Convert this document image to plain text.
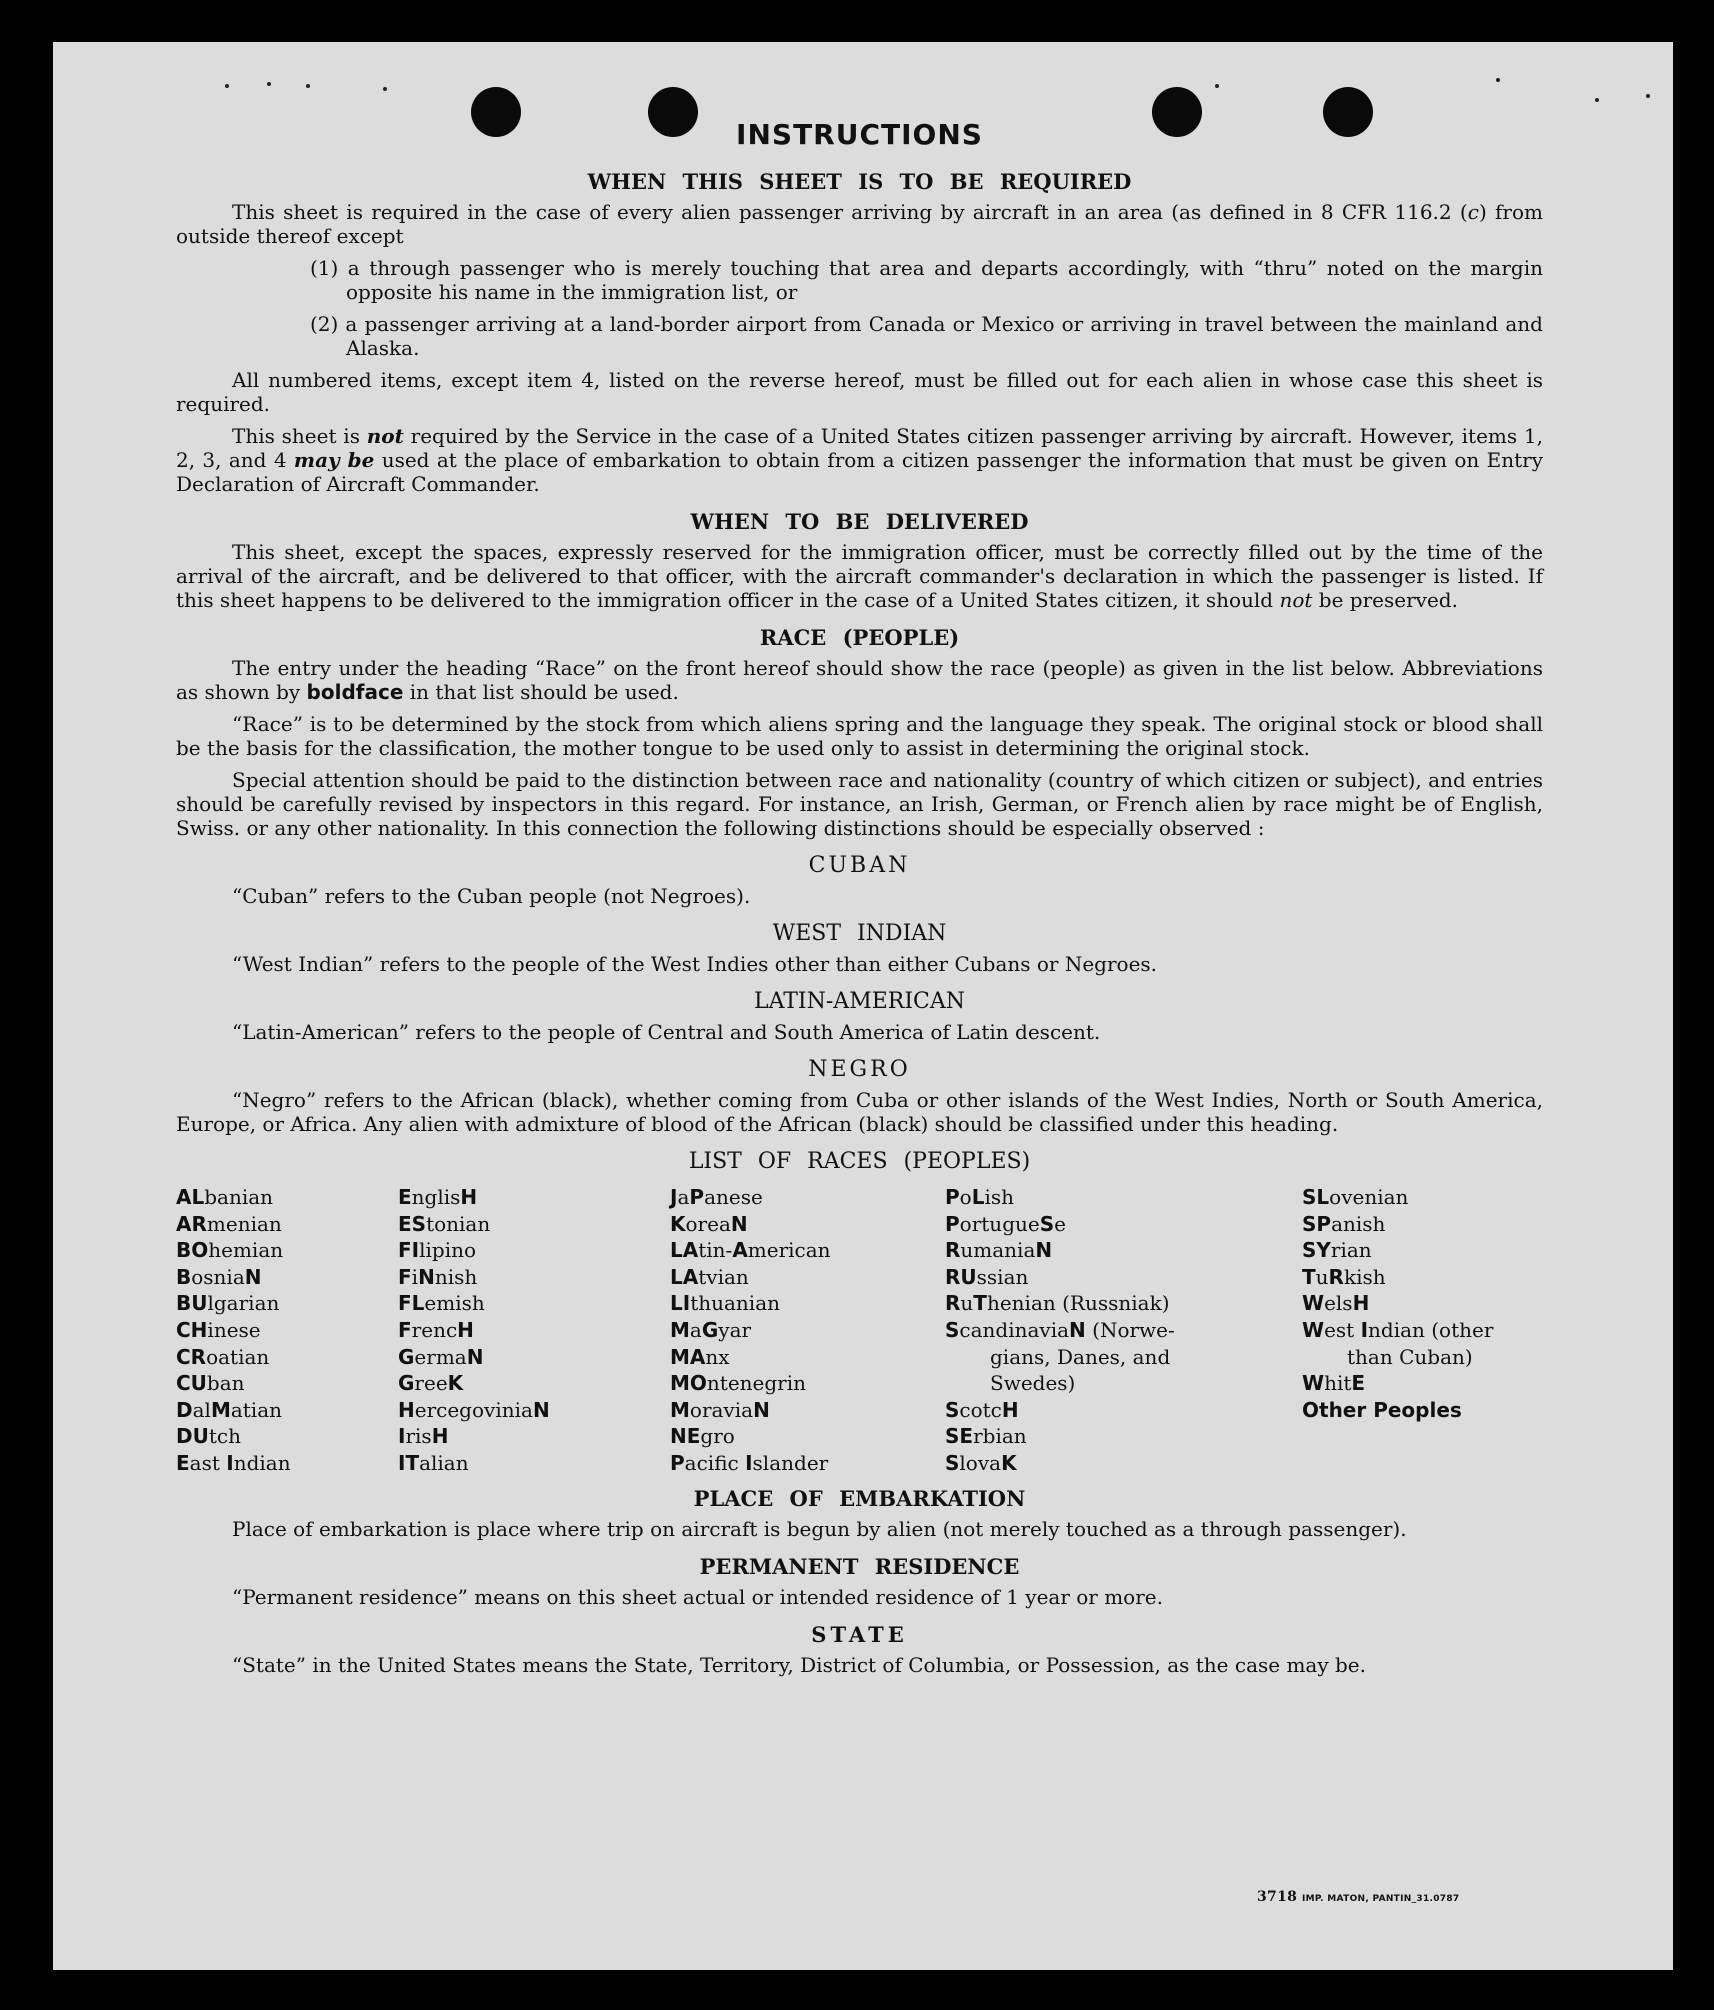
INSTRUCTIONS
WHEN THIS SHEET IS TO BE REQUIRED

This sheet is required in the case of every alien passenger arriving by aircraft in an area (as defined in 8 CFR 116.2 (c) from outside thereof except

(1) a through passenger who is merely touching that area and departs accordingly, with “thru” noted on the margin opposite his name in the immigration list, or
(2) a passenger arriving at a land-border airport from Canada or Mexico or arriving in travel between the mainland and Alaska.

All numbered items, except item 4, listed on the reverse hereof, must be filled out for each alien in whose case this sheet is required.

This sheet is not required by the Service in the case of a United States citizen passenger arriving by aircraft. However, items 1, 2, 3, and 4 may be used at the place of embarkation to obtain from a citizen passenger the information that must be given on Entry Declaration of Aircraft Commander.

WHEN TO BE DELIVERED

This sheet, except the spaces, expressly reserved for the immigration officer, must be correctly filled out by the time of the arrival of the aircraft, and be delivered to that officer, with the aircraft commander's declaration in which the passenger is listed. If this sheet happens to be delivered to the immigration officer in the case of a United States citizen, it should not be preserved.

RACE (PEOPLE)

The entry under the heading “Race” on the front hereof should show the race (people) as given in the list below. Abbreviations as shown by boldface in that list should be used.

“Race” is to be determined by the stock from which aliens spring and the language they speak. The original stock or blood shall be the basis for the classification, the mother tongue to be used only to assist in determining the original stock.

Special attention should be paid to the distinction between race and nationality (country of which citizen or subject), and entries should be carefully revised by inspectors in this regard. For instance, an Irish, German, or French alien by race might be of English, Swiss. or any other nationality. In this connection the following distinctions should be especially observed :

CUBAN

“Cuban” refers to the Cuban people (not Negroes).

WEST INDIAN

“West Indian” refers to the people of the West Indies other than either Cubans or Negroes.

LATIN-AMERICAN

“Latin-American” refers to the people of Central and South America of Latin descent.

NEGRO

“Negro” refers to the African (black), whether coming from Cuba or other islands of the West Indies, North or South America, Europe, or Africa. Any alien with admixture of blood of the African (black) should be classified under this heading.

LIST OF RACES (PEOPLES)
ALbanian
ARmenian
BOhemian
BosniaN
BUlgarian
CHinese
CRoatian
CUban
DalMatian
DUtch
East Indian
EnglisH
EStonian
FIlipino
FiNnish
FLemish
FrencH
GermaN
GreeK
HercegoviniaN
IrisH
ITalian
JaPanese
KoreaN
LAtin-American
LAtvian
LIthuanian
MaGyar
MAnx
MOntenegrin
MoraviaN
NEgro
Pacific Islander
PoLish
PortugueSe
RumaniaN
RUssian
RuThenian (Russniak)
ScandinaviaN (Norwe-
gians, Danes, and
Swedes)
ScotcH
SErbian
SlovaK
SLovenian
SPanish
SYrian
TuRkish
WelsH
West Indian (other
than Cuban)
WhitE
Other Peoples
PLACE OF EMBARKATION

Place of embarkation is place where trip on aircraft is begun by alien (not merely touched as a through passenger).

PERMANENT RESIDENCE

“Permanent residence” means on this sheet actual or intended residence of 1 year or more.

STATE

“State” in the United States means the State, Territory, District of Columbia, or Possession, as the case may be.

3718 IMP. MATON, PANTIN_31.0787
